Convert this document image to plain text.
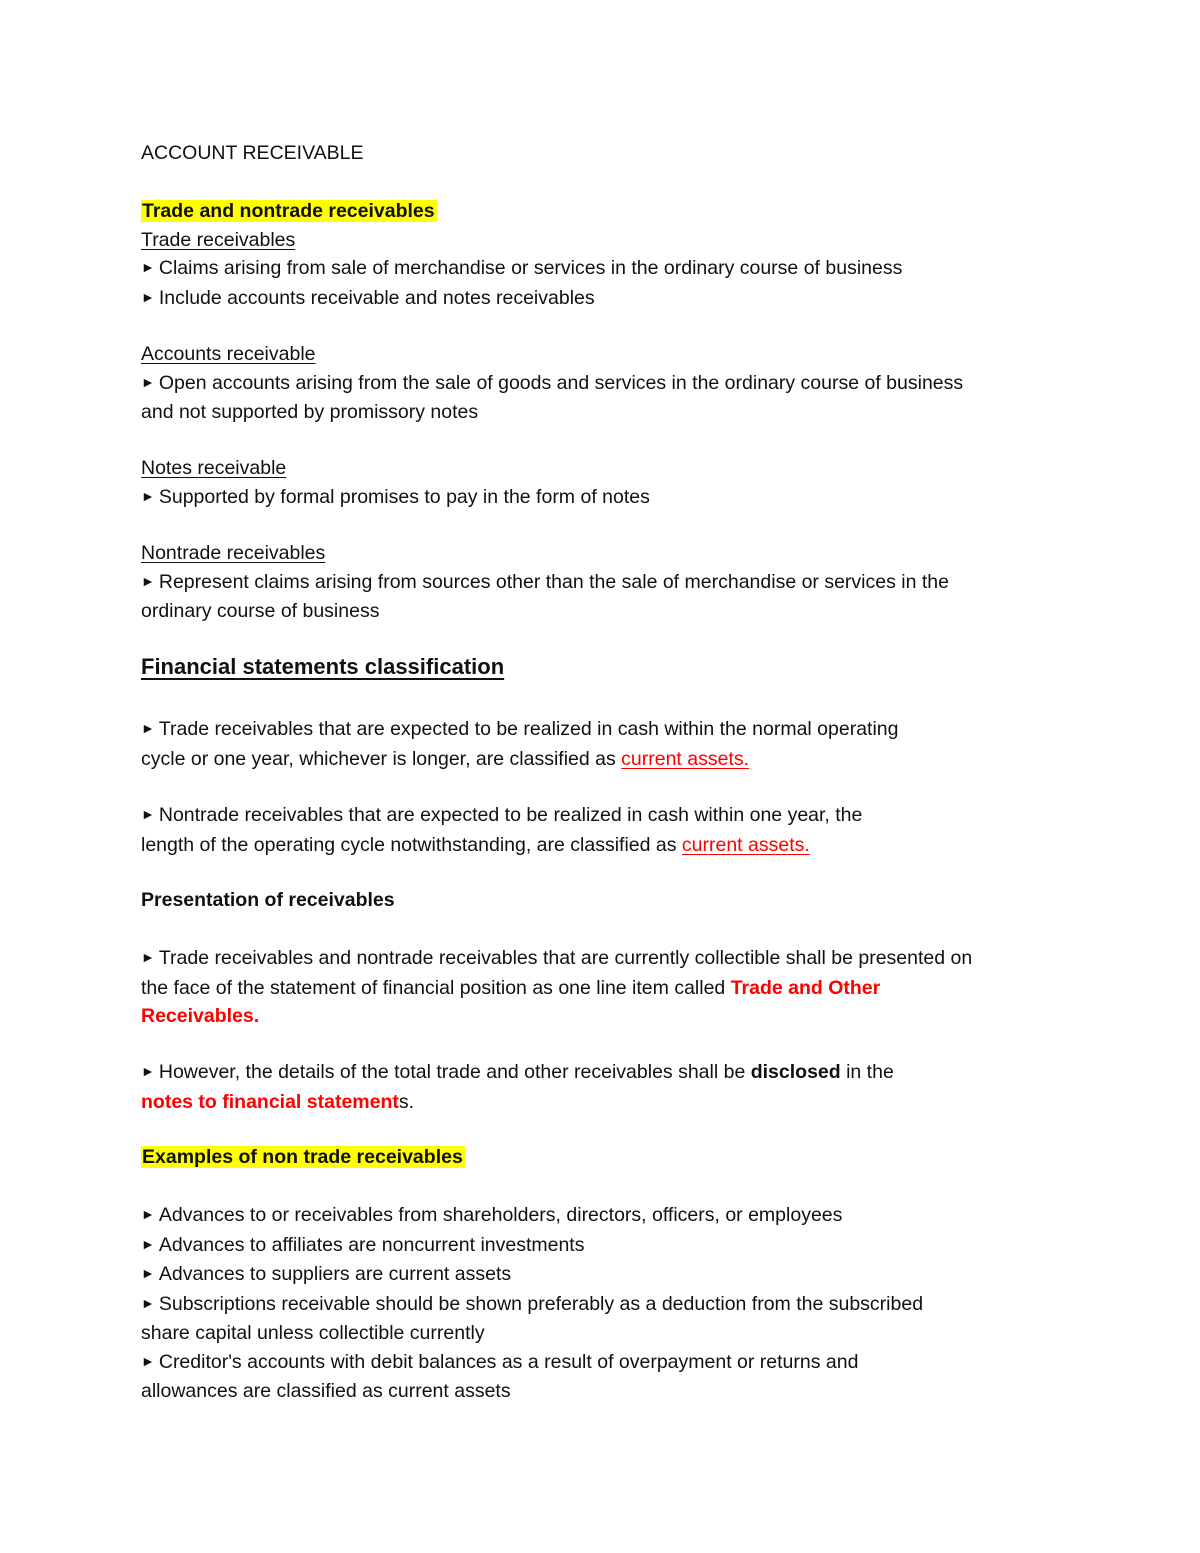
ACCOUNT RECEIVABLE
Trade and nontrade receivables
Trade receivables
► Claims arising from sale of merchandise or services in the ordinary course of business
► Include accounts receivable and notes receivables
Accounts receivable
► Open accounts arising from the sale of goods and services in the ordinary course of business
and not supported by promissory notes
Notes receivable
► Supported by formal promises to pay in the form of notes
Nontrade receivables
► Represent claims arising from sources other than the sale of merchandise or services in the
ordinary course of business
Financial statements classification
► Trade receivables that are expected to be realized in cash within the normal operating
cycle or one year, whichever is longer, are classified as current assets.
► Nontrade receivables that are expected to be realized in cash within one year, the
length of the operating cycle notwithstanding, are classified as current assets.
Presentation of receivables
► Trade receivables and nontrade receivables that are currently collectible shall be presented on
the face of the statement of financial position as one line item called Trade and Other
Receivables.
► However, the details of the total trade and other receivables shall be disclosed in the
notes to financial statements.
Examples of non trade receivables
► Advances to or receivables from shareholders, directors, officers, or employees
► Advances to affiliates are noncurrent investments
► Advances to suppliers are current assets
► Subscriptions receivable should be shown preferably as a deduction from the subscribed
share capital unless collectible currently
► Creditor's accounts with debit balances as a result of overpayment or returns and
allowances are classified as current assets
